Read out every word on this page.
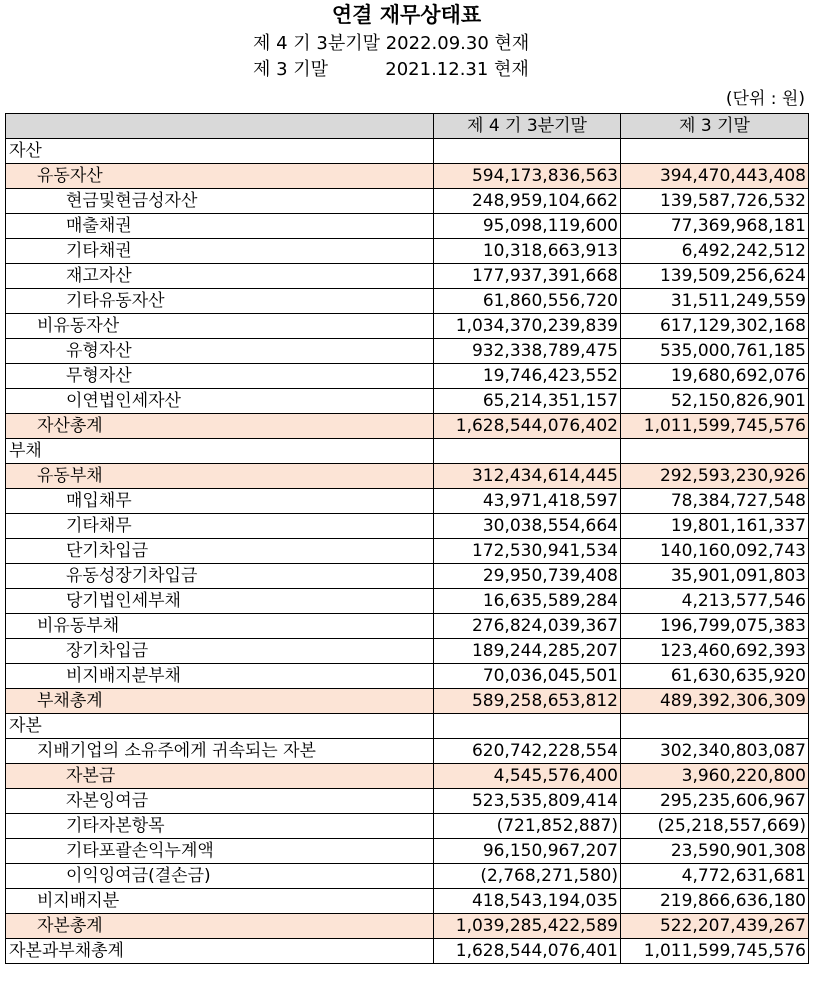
연결 재무상태표
제 4 기 3분기말 2022.09.30 현재
제 3 기말          2021.12.31 현재
(단위 : 원)
	제 4 기 3분기말	제 3 기말
자산		
유동자산	594,173,836,563	394,470,443,408
현금및현금성자산	248,959,104,662	139,587,726,532
매출채권	95,098,119,600	77,369,968,181
기타채권	10,318,663,913	6,492,242,512
재고자산	177,937,391,668	139,509,256,624
기타유동자산	61,860,556,720	31,511,249,559
비유동자산	1,034,370,239,839	617,129,302,168
유형자산	932,338,789,475	535,000,761,185
무형자산	19,746,423,552	19,680,692,076
이연법인세자산	65,214,351,157	52,150,826,901
자산총계	1,628,544,076,402	1,011,599,745,576
부채		
유동부채	312,434,614,445	292,593,230,926
매입채무	43,971,418,597	78,384,727,548
기타채무	30,038,554,664	19,801,161,337
단기차입금	172,530,941,534	140,160,092,743
유동성장기차입금	29,950,739,408	35,901,091,803
당기법인세부채	16,635,589,284	4,213,577,546
비유동부채	276,824,039,367	196,799,075,383
장기차입금	189,244,285,207	123,460,692,393
비지배지분부채	70,036,045,501	61,630,635,920
부채총계	589,258,653,812	489,392,306,309
자본		
지배기업의 소유주에게 귀속되는 자본	620,742,228,554	302,340,803,087
자본금	4,545,576,400	3,960,220,800
자본잉여금	523,535,809,414	295,235,606,967
기타자본항목	(721,852,887)	(25,218,557,669)
기타포괄손익누계액	96,150,967,207	23,590,901,308
이익잉여금(결손금)	(2,768,271,580)	4,772,631,681
비지배지분	418,543,194,035	219,866,636,180
자본총계	1,039,285,422,589	522,207,439,267
자본과부채총계	1,628,544,076,401	1,011,599,745,576
